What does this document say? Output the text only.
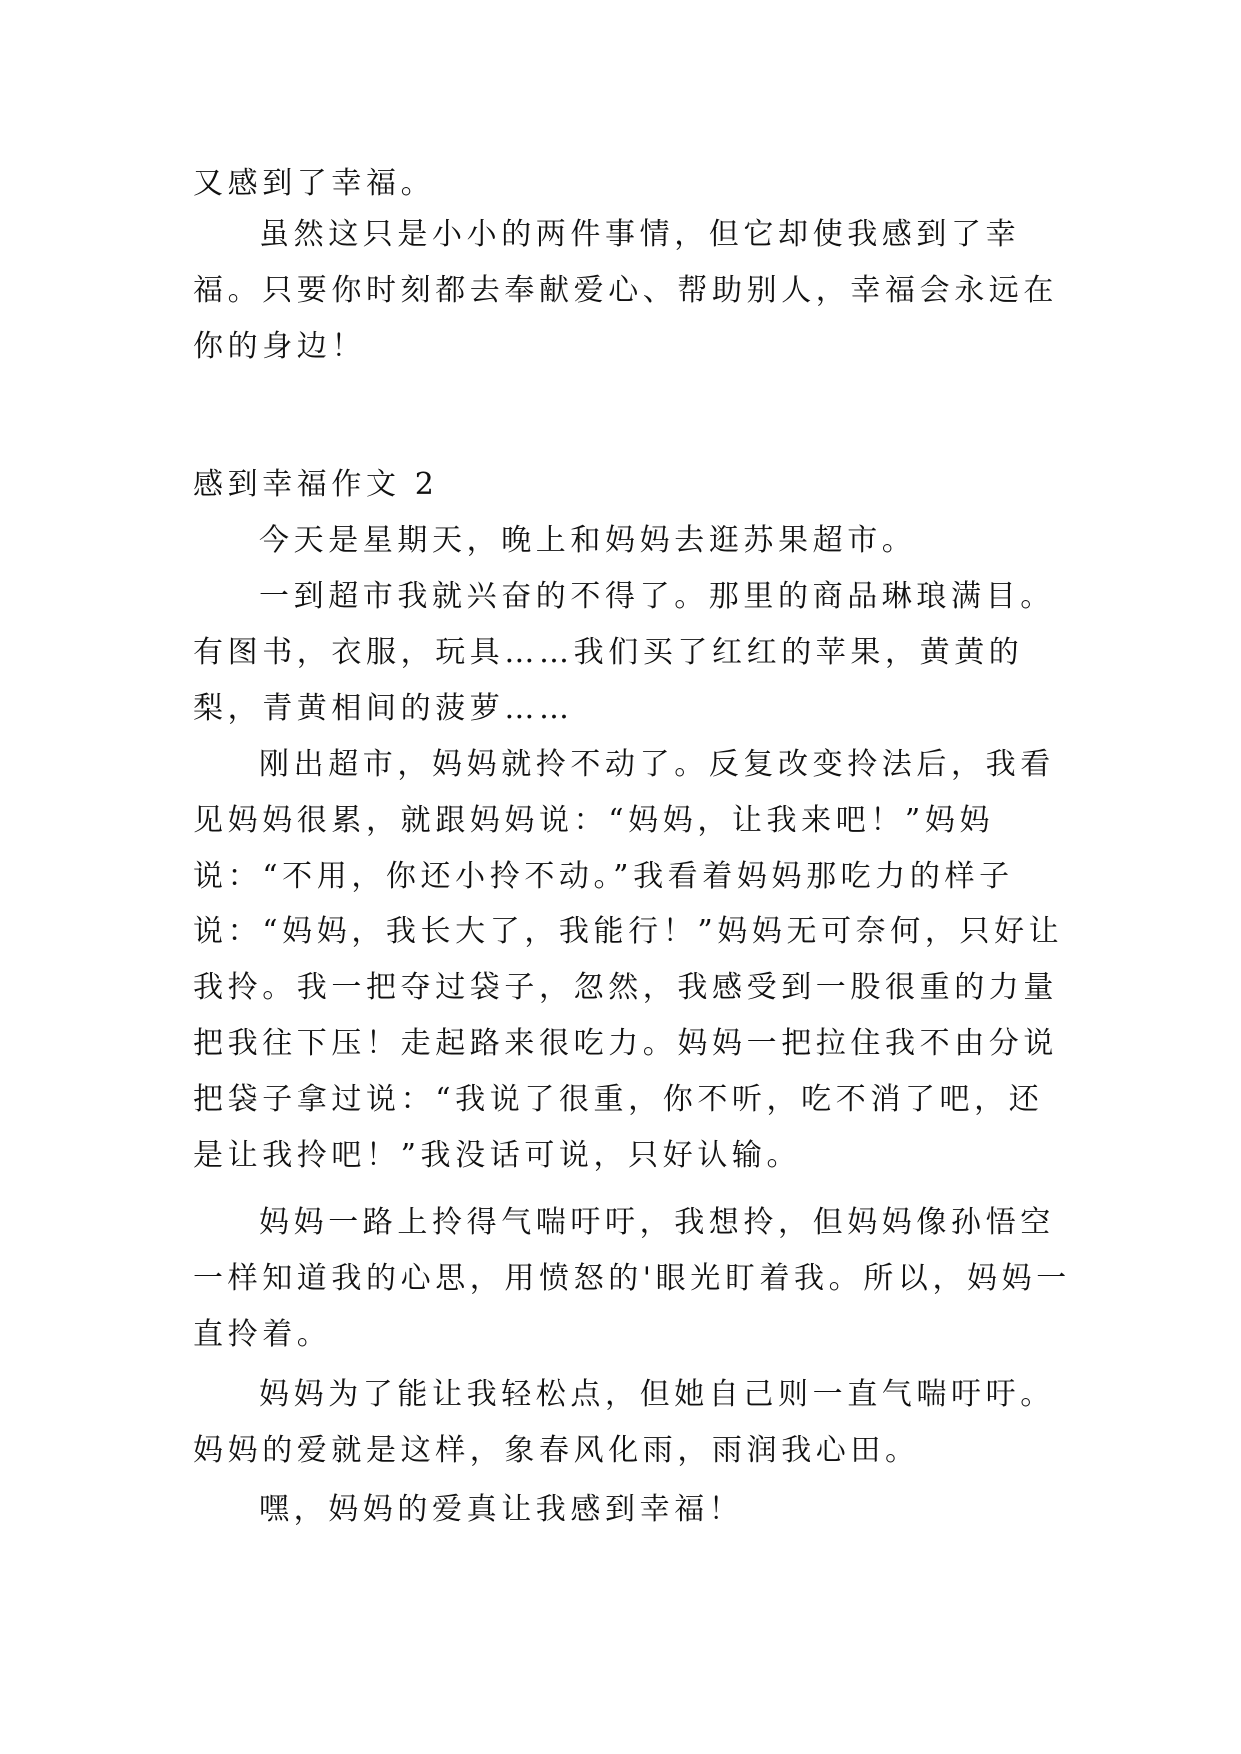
又感到了幸福。

虽然这只是小小的两件事情，但它却使我感到了幸福。只要你时刻都去奉献爱心、帮助别人，幸福会永远在你的身边！

感到幸福作文 2

今天是星期天，晚上和妈妈去逛苏果超市。

一到超市我就兴奋的不得了。那里的商品琳琅满目。有图书，衣服，玩具……我们买了红红的苹果，黄黄的梨，青黄相间的菠萝……

刚出超市，妈妈就拎不动了。反复改变拎法后，我看见妈妈很累，就跟妈妈说：“妈妈，让我来吧！”妈妈说：“不用，你还小拎不动。”我看着妈妈那吃力的样子说：“妈妈，我长大了，我能行！”妈妈无可奈何，只好让我拎。我一把夺过袋子，忽然，我感受到一股很重的力量把我往下压！走起路来很吃力。妈妈一把拉住我不由分说把袋子拿过说：“我说了很重，你不听，吃不消了吧，还是让我拎吧！”我没话可说，只好认输。

妈妈一路上拎得气喘吁吁，我想拎，但妈妈像孙悟空一样知道我的心思，用愤怒的'眼光盯着我。所以，妈妈一直拎着。

妈妈为了能让我轻松点，但她自己则一直气喘吁吁。妈妈的爱就是这样，象春风化雨，雨润我心田。

嘿，妈妈的爱真让我感到幸福！
